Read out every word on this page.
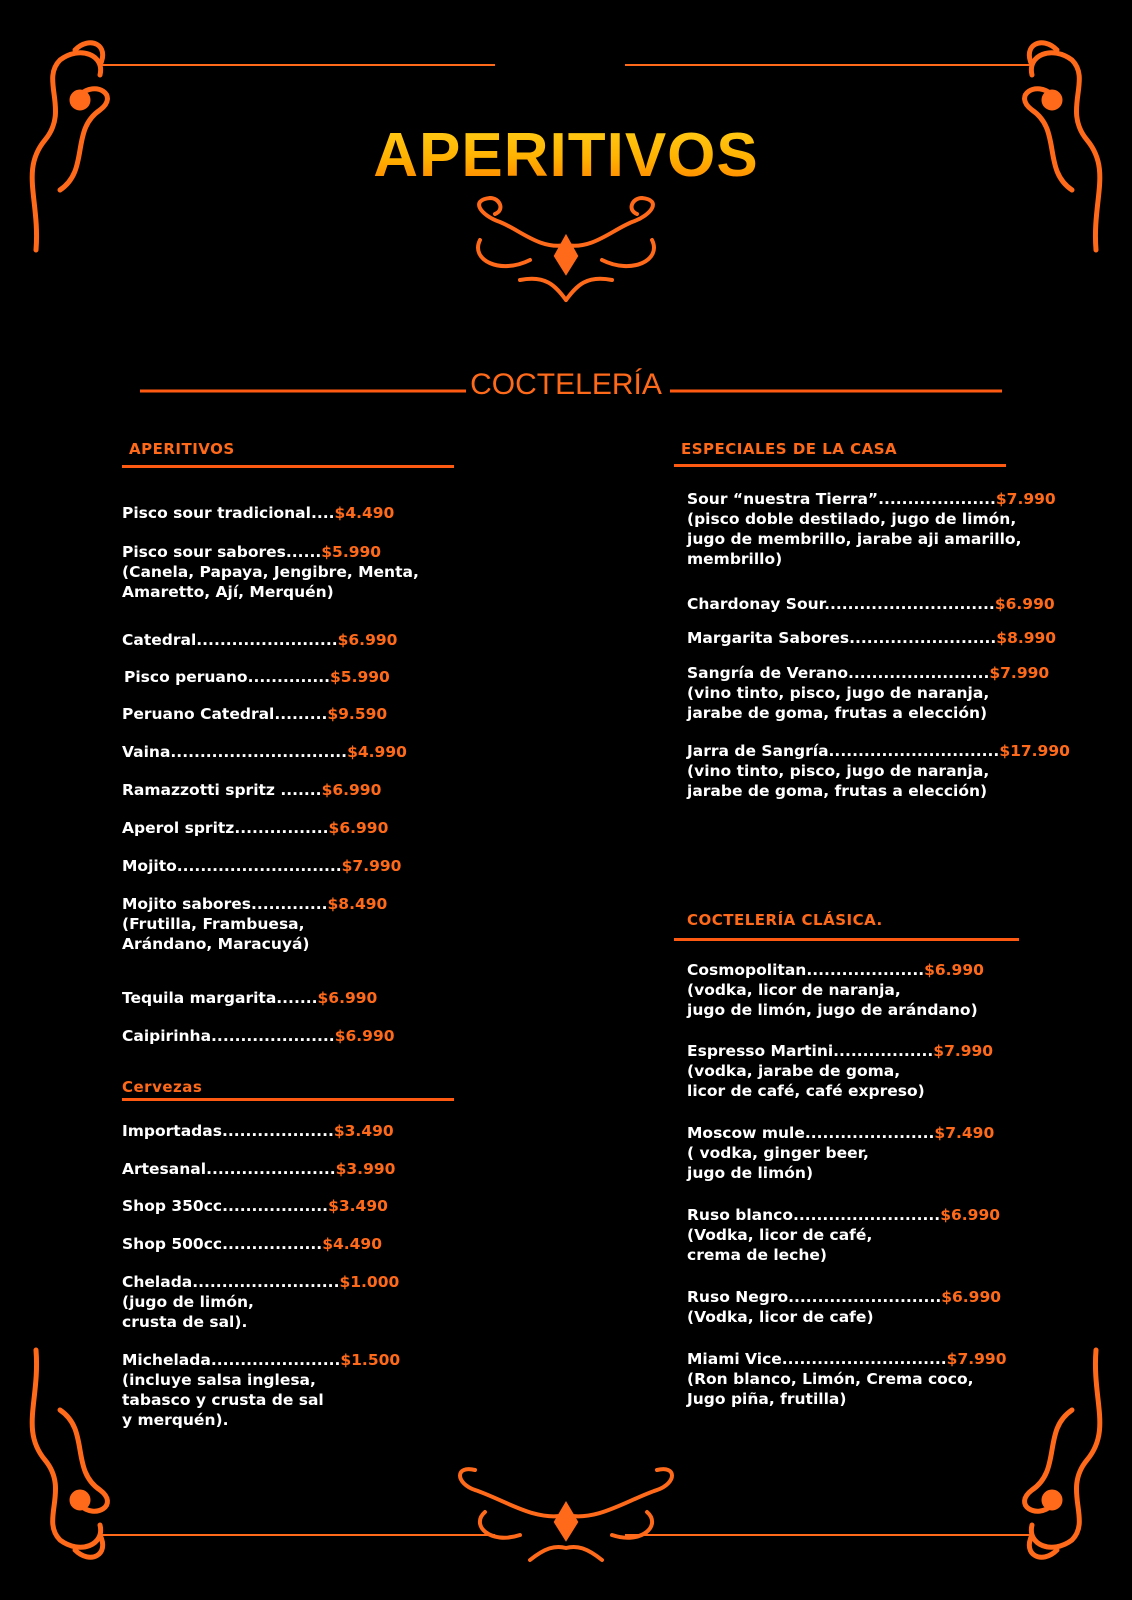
APERITIVOS
COCTELERÍA
APERITIVOS
Pisco sour tradicional....$4.490
Pisco sour sabores......$5.990
(Canela, Papaya, Jengibre, Menta,
Amaretto, Ají, Merquén)
Catedral........................$6.990
Pisco peruano..............$5.990
Peruano Catedral.........$9.590
Vaina..............................$4.990
Ramazzotti spritz .......$6.990
Aperol spritz................$6.990
Mojito............................$7.990
Mojito sabores.............$8.490
(Frutilla, Frambuesa,
Arándano, Maracuyá)
Tequila margarita.......$6.990
Caipirinha.....................$6.990
Cervezas
Importadas...................$3.490
Artesanal......................$3.990
Shop 350cc..................$3.490
Shop 500cc.................$4.490
Chelada.........................$1.000
(jugo de limón,
crusta de sal).
Michelada......................$1.500
(incluye salsa inglesa,
tabasco y crusta de sal
y merquén).
ESPECIALES DE LA CASA
Sour “nuestra Tierra”....................$7.990
(pisco doble destilado, jugo de limón,
jugo de membrillo, jarabe aji amarillo,
membrillo)
Chardonay Sour.............................$6.990
Margarita Sabores.........................$8.990
Sangría de Verano........................$7.990
(vino tinto, pisco, jugo de naranja,
jarabe de goma, frutas a elección)
Jarra de Sangría.............................$17.990
(vino tinto, pisco, jugo de naranja,
jarabe de goma, frutas a elección)
COCTELERÍA CLÁSICA.
Cosmopolitan....................$6.990
(vodka, licor de naranja,
jugo de limón, jugo de arándano)
Espresso Martini.................$7.990
(vodka, jarabe de goma,
licor de café, café expreso)
Moscow mule......................$7.490
( vodka, ginger beer,
jugo de limón)
Ruso blanco.........................$6.990
(Vodka, licor de café,
crema de leche)
Ruso Negro..........................$6.990
(Vodka, licor de cafe)
Miami Vice............................$7.990
(Ron blanco, Limón, Crema coco,
Jugo piña, frutilla)
